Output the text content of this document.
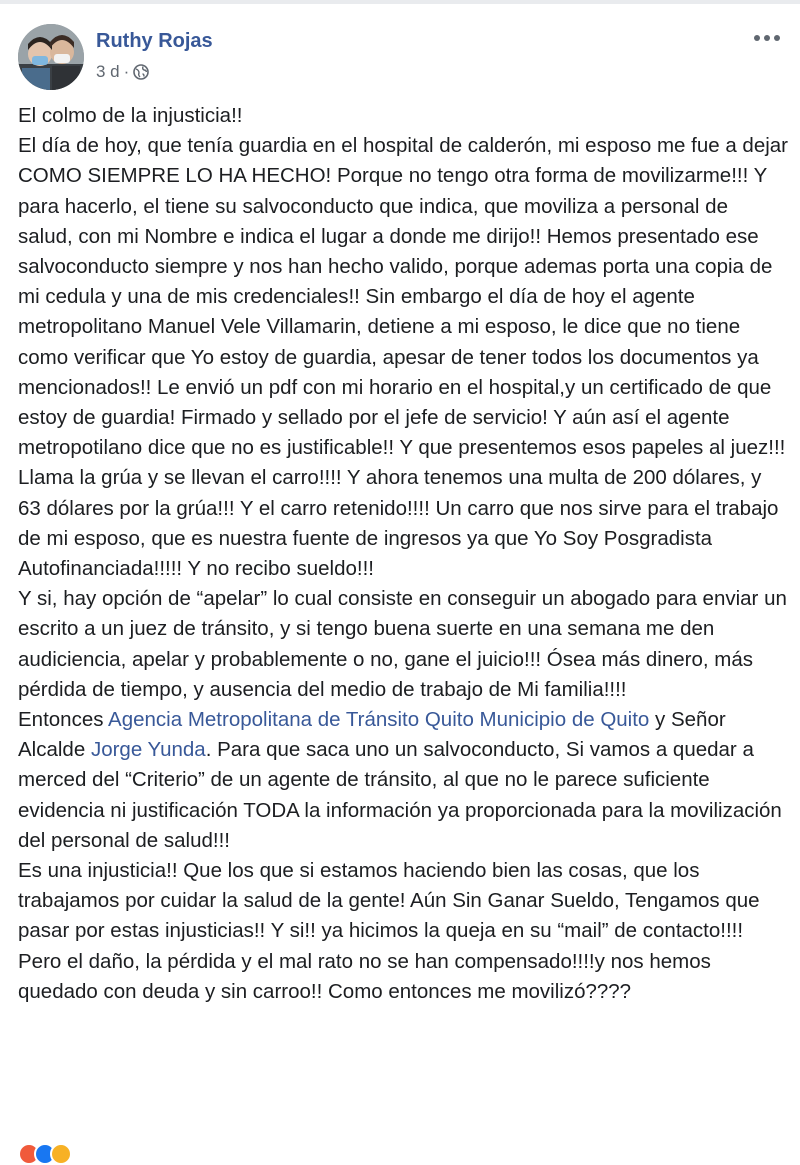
Ruthy Rojas
3 d ·

El colmo de la injusticia!!

El día de hoy, que tenía guardia en el hospital de calderón, mi esposo me fue a dejar COMO SIEMPRE LO HA HECHO! Porque no tengo otra forma de movilizarme!!! Y para hacerlo, el tiene su salvoconducto que indica, que moviliza a personal de salud, con mi Nombre e indica el lugar a donde me dirijo!! Hemos presentado ese salvoconducto siempre y nos han hecho valido, porque ademas porta una copia de mi cedula y una de mis credenciales!! Sin embargo el día de hoy el agente metropolitano Manuel Vele Villamarin, detiene a mi esposo, le dice que no tiene como verificar que Yo estoy de guardia, apesar de tener todos los documentos ya mencionados!! Le envió un pdf con mi horario en el hospital,y un certificado de que estoy de guardia! Firmado y sellado por el jefe de servicio! Y aún así el agente metropotilano dice que no es justificable!! Y que presentemos esos papeles al juez!!! Llama la grúa y se llevan el carro!!!! Y ahora tenemos una multa de 200 dólares, y 63 dólares por la grúa!!! Y el carro retenido!!!! Un carro que nos sirve para el trabajo de mi esposo, que es nuestra fuente de ingresos ya que Yo Soy Posgradista Autofinanciada!!!!! Y no recibo sueldo!!!

Y si, hay opción de “apelar” lo cual consiste en conseguir un abogado para enviar un escrito a un juez de tránsito, y si tengo buena suerte en una semana me den audiciencia, apelar y probablemente o no, gane el juicio!!! Ósea más dinero, más pérdida de tiempo, y ausencia del medio de trabajo de Mi familia!!!!

Entonces Agencia Metropolitana de Tránsito Quito Municipio de Quito y Señor Alcalde Jorge Yunda. Para que saca uno un salvoconducto, Si vamos a quedar a merced del “Criterio” de un agente de tránsito, al que no le parece suficiente evidencia ni justificación TODA la información ya proporcionada para la movilización del personal de salud!!!

Es una injusticia!! Que los que si estamos haciendo bien las cosas, que los trabajamos por cuidar la salud de la gente! Aún Sin Ganar Sueldo, Tengamos que pasar por estas injusticias!! Y si!! ya hicimos la queja en su “mail” de contacto!!!! Pero el daño, la pérdida y el mal rato no se han compensado!!!!y nos hemos quedado con deuda y sin carroo!! Como entonces me movilizó????
